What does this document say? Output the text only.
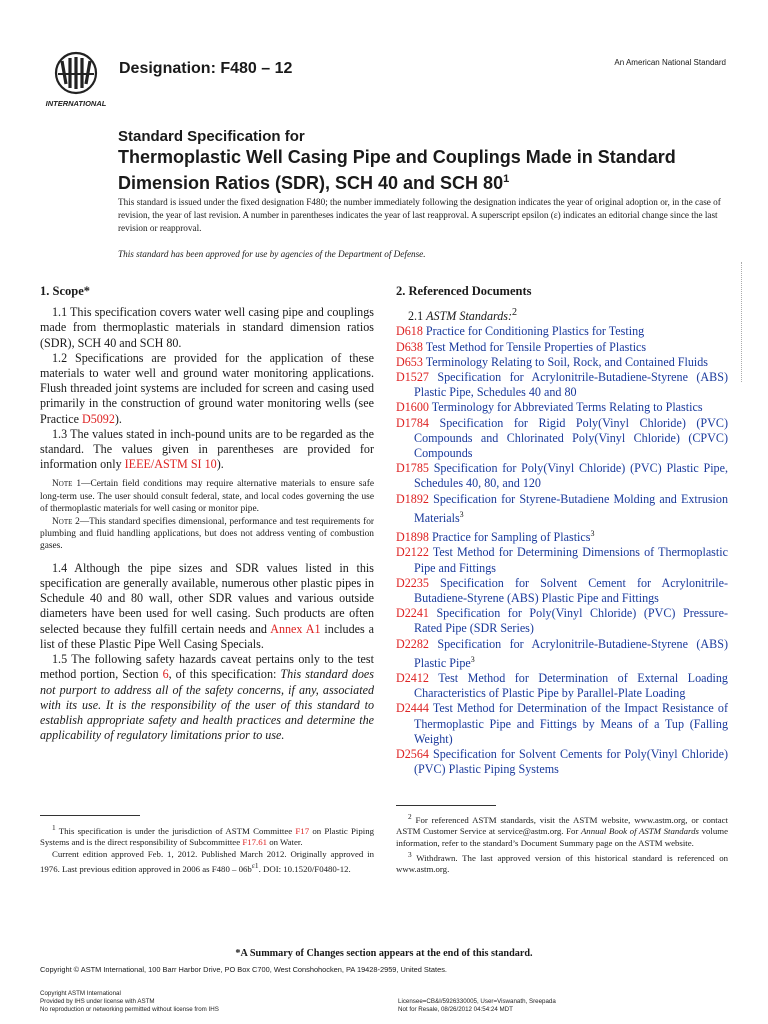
INTERNATIONAL
Designation: F480 – 12	An American National Standard
Standard Specification for
Thermoplastic Well Casing Pipe and Couplings Made in Standard Dimension Ratios (SDR), SCH 40 and SCH $80^1$
This standard is issued under the fixed designation F480; the number immediately following the designation indicates the year of original adoption or, in the case of revision, the year of last revision. A number in parentheses indicates the year of last reapproval. A superscript epsilon (ε) indicates an editorial change since the last revision or reapproval.
This standard has been approved for use by agencies of the Department of Defense.
1. Scope*
1.1 This specification covers water well casing pipe and couplings made from thermoplastic materials in standard dimension ratios (SDR), SCH 40 and SCH 80.
1.2 Specifications are provided for the application of these materials to water well and ground water monitoring applications. Flush threaded joint systems are included for screen and casing used primarily in the construction of ground water monitoring wells (see Practice D5092).
1.3 The values stated in inch-pound units are to be regarded as the standard. The values given in parentheses are provided for information only IEEE/ASTM SI 10).
Note 1—Certain field conditions may require alternative materials to ensure safe long-term use. The user should consult federal, state, and local codes governing the use of thermoplastic materials for well casing or monitor pipe.
Note 2—This standard specifies dimensional, performance and test requirements for plumbing and fluid handling applications, but does not address venting of combustion gases.
1.4 Although the pipe sizes and SDR values listed in this specification are generally available, numerous other plastic pipes in Schedule 40 and 80 wall, other SDR values and various outside diameters have been used for well casing. Such products are often selected because they fulfill certain needs and Annex A1 includes a list of these Plastic Pipe Well Casing Specials.
1.5 The following safety hazards caveat pertains only to the test method portion, Section 6, of this specification: This standard does not purport to address all of the safety concerns, if any, associated with its use. It is the responsibility of the user of this standard to establish appropriate safety and health practices and determine the applicability of regulatory limitations prior to use.
2. Referenced Documents
2.1 ASTM Standards:$^2$
D618 Practice for Conditioning Plastics for Testing
D638 Test Method for Tensile Properties of Plastics
D653 Terminology Relating to Soil, Rock, and Contained Fluids
D1527 Specification for Acrylonitrile-Butadiene-Styrene (ABS) Plastic Pipe, Schedules 40 and 80
D1600 Terminology for Abbreviated Terms Relating to Plastics
D1784 Specification for Rigid Poly(Vinyl Chloride) (PVC) Compounds and Chlorinated Poly(Vinyl Chloride) (CPVC) Compounds
D1785 Specification for Poly(Vinyl Chloride) (PVC) Plastic Pipe, Schedules 40, 80, and 120
D1892 Specification for Styrene-Butadiene Molding and Extrusion Materials$^3$
D1898 Practice for Sampling of Plastics$^3$
D2122 Test Method for Determining Dimensions of Thermoplastic Pipe and Fittings
D2235 Specification for Solvent Cement for Acrylonitrile-Butadiene-Styrene (ABS) Plastic Pipe and Fittings
D2241 Specification for Poly(Vinyl Chloride) (PVC) Pressure-Rated Pipe (SDR Series)
D2282 Specification for Acrylonitrile-Butadiene-Styrene (ABS) Plastic Pipe$^3$
D2412 Test Method for Determination of External Loading Characteristics of Plastic Pipe by Parallel-Plate Loading
D2444 Test Method for Determination of the Impact Resistance of Thermoplastic Pipe and Fittings by Means of a Tup (Falling Weight)
D2564 Specification for Solvent Cements for Poly(Vinyl Chloride) (PVC) Plastic Piping Systems
$^1$ This specification is under the jurisdiction of ASTM Committee F17 on Plastic Piping Systems and is the direct responsibility of Subcommittee F17.61 on Water.
Current edition approved Feb. 1, 2012. Published March 2012. Originally approved in 1976. Last previous edition approved in 2006 as $F480 - 06b^{\varepsilon 1}$. DOI: 10.1520/F0480-12.
$^2$ For referenced ASTM standards, visit the ASTM website, www.astm.org, or contact ASTM Customer Service at service@astm.org. For Annual Book of ASTM Standards volume information, refer to the standard’s Document Summary page on the ASTM website.
$^3$ Withdrawn. The last approved version of this historical standard is referenced on www.astm.org.
*A Summary of Changes section appears at the end of this standard.
Copyright © ASTM International, 100 Barr Harbor Drive, PO Box C700, West Conshohocken, PA 19428-2959, United States.
Copyright ASTM International
Provided by IHS under license with ASTM
No reproduction or networking permitted without license from IHS
Licensee=CB&I/5926330005, User=Viswanath, Sreepada
Not for Resale, 08/26/2012 04:54:24 MDT
